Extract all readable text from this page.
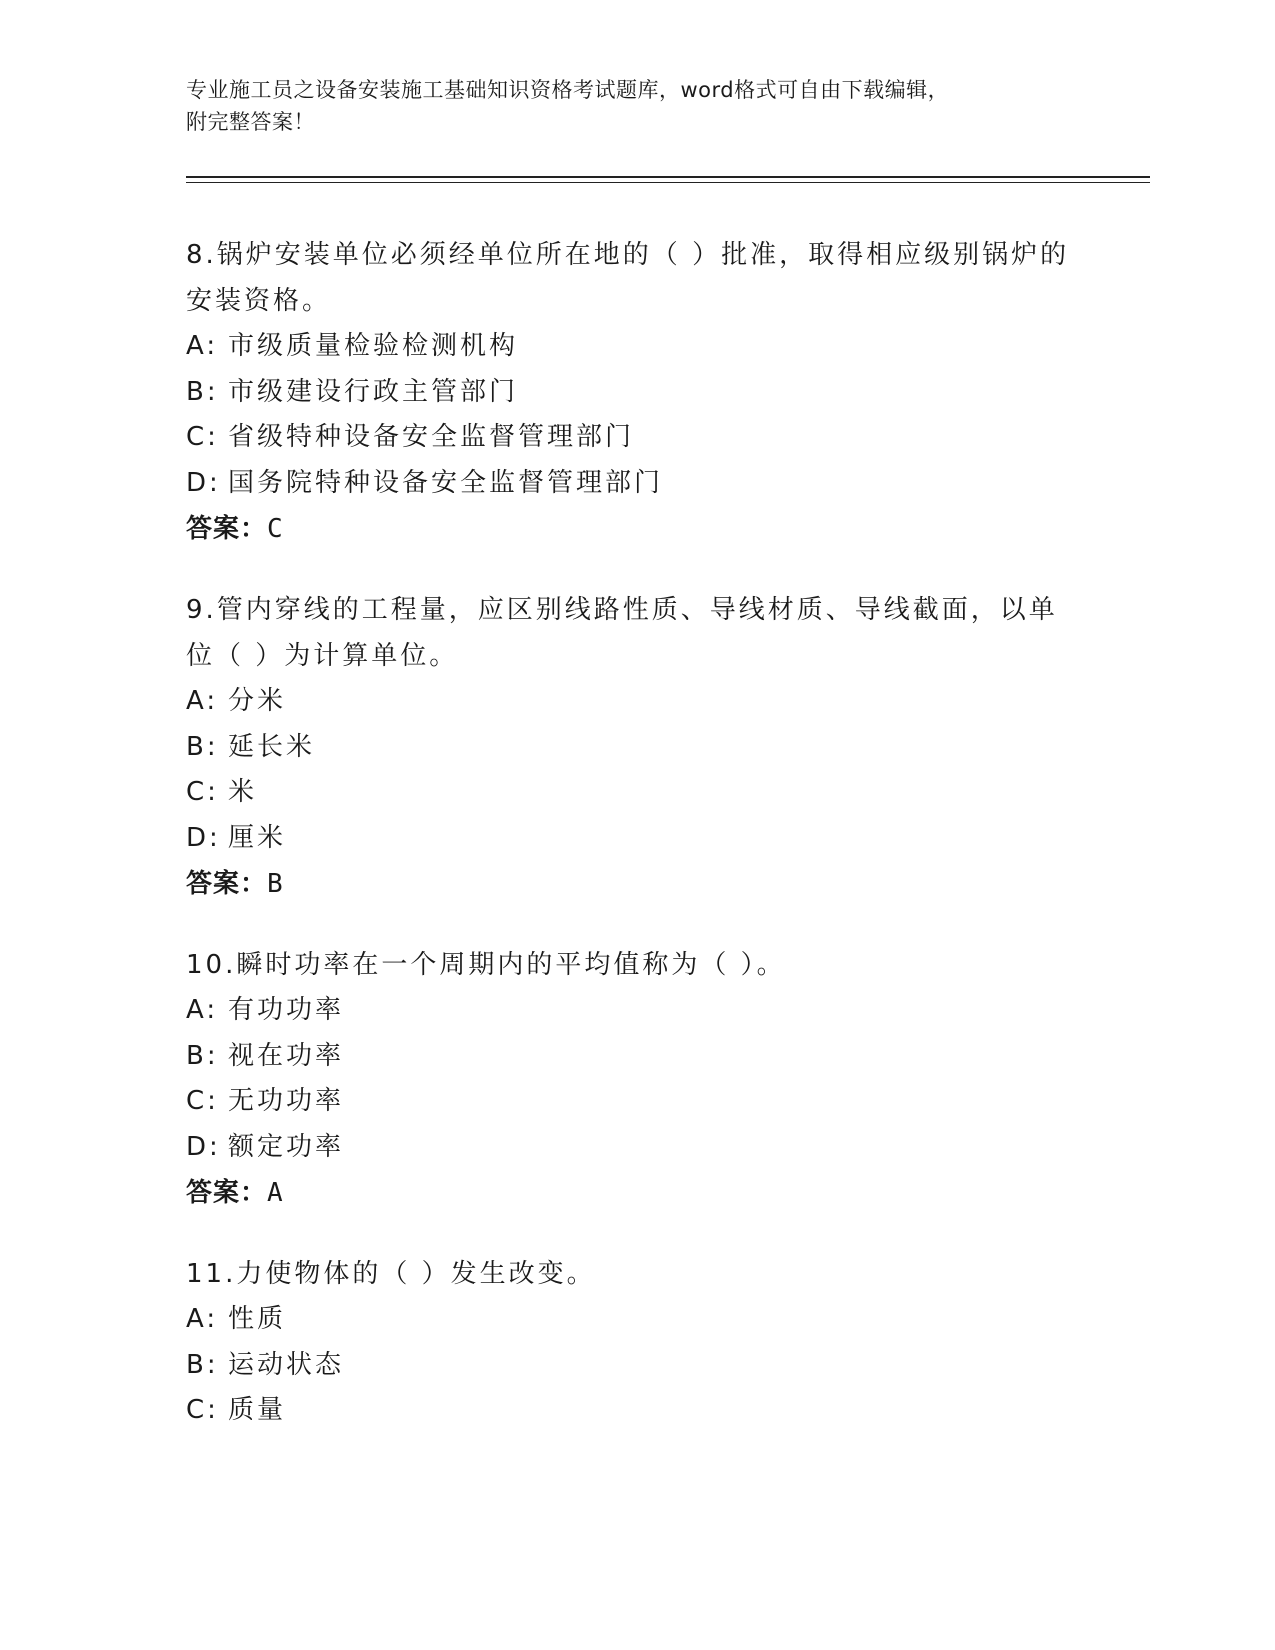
专业施工员之设备安装施工基础知识资格考试题库，word格式可自由下载编辑，
附完整答案！

8.锅炉安装单位必须经单位所在地的（ ）批准，取得相应级别锅炉的安装资格。

A: 市级质量检验检测机构
B: 市级建设行政主管部门
C: 省级特种设备安全监督管理部门
D: 国务院特种设备安全监督管理部门
答案：C

9.管内穿线的工程量，应区别线路性质、导线材质、导线截面，以单位（ ）为计算单位。

A: 分米
B: 延长米
C: 米
D: 厘米
答案：B

10.瞬时功率在一个周期内的平均值称为（ ）。

A: 有功功率
B: 视在功率
C: 无功功率
D: 额定功率
答案：A

11.力使物体的（ ）发生改变。

A: 性质
B: 运动状态
C: 质量
